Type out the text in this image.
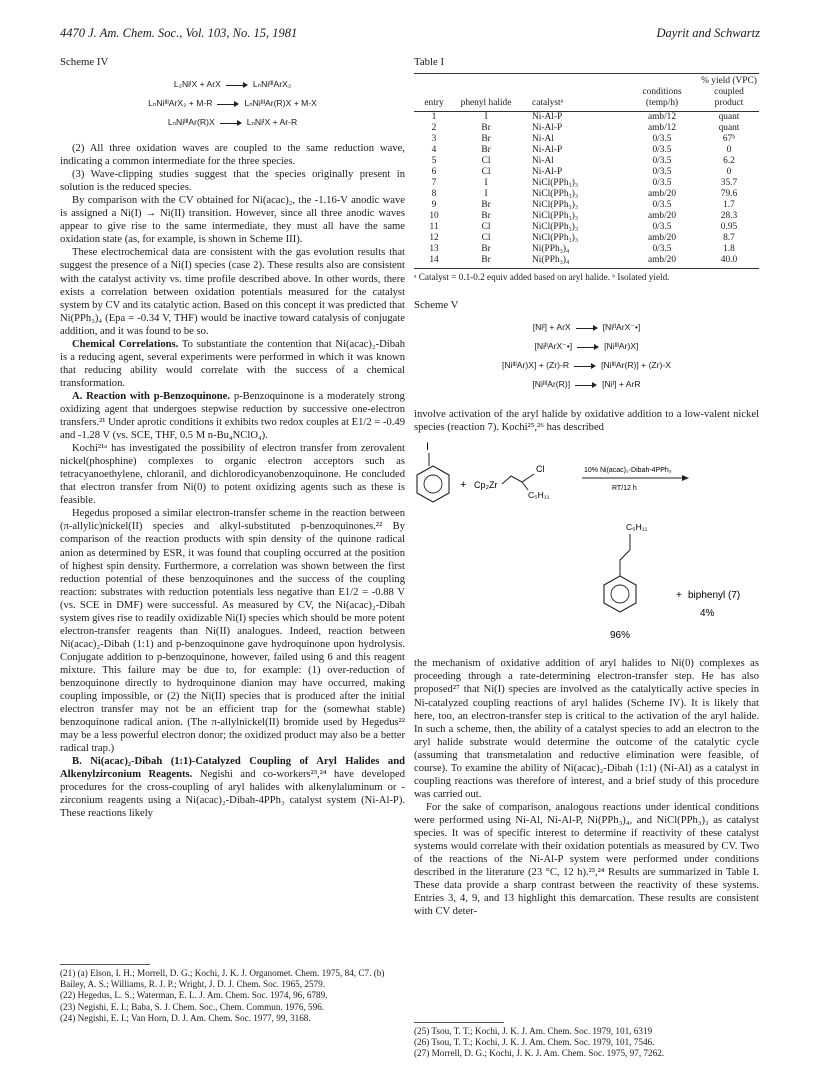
4470 J. Am. Chem. Soc., Vol. 103, No. 15, 1981	Dayrit and Schwartz
Scheme IV
L₂NiᴵX + ArX	LₙNiᴵᴵᴵArX₂
LₙNiᴵᴵᴵArX₂ + M-R	LₙNiᴵᴵᴵAr(R)X + M-X
LₙNiᴵᴵᴵAr(R)X	LₙNiᴵX + Ar-R

(2) All three oxidation waves are coupled to the same reduction wave, indicating a common intermediate for the three species.

(3) Wave-clipping studies suggest that the species originally present in solution is the reduced species.

By comparison with the CV obtained for Ni(acac)₂, the -1.16-V anodic wave is assigned a Ni(I) → Ni(II) transition. However, since all three anodic waves appear to give rise to the same intermediate, they must all have the same oxidation state (as, for example, is shown in Scheme III).

These electrochemical data are consistent with the gas evolution results that suggest the presence of a Ni(I) species (case 2). These results also are consistent with the catalyst activity vs. time profile described above. In other words, there exists a correlation between oxidation potentials measured for the catalyst system by CV and its catalytic action. Based on this concept it was predicted that Ni(PPh₃)₄ (Epa = -0.34 V, THF) would be inactive toward catalysis of conjugate addition, and it was found to be so.

Chemical Correlations. To substantiate the contention that Ni(acac)₂-Dibah is a reducing agent, several experiments were performed in which it was known that reducing ability would correlate with the success of a chemical transformation.

A. Reaction with p-Benzoquinone. p-Benzoquinone is a moderately strong oxidizing agent that undergoes stepwise reduction by successive one-electron transfers.²¹ Under aprotic conditions it exhibits two redox couples at E1/2 = -0.49 and -1.28 V (vs. SCE, THF, 0.5 M n-Bu₄NClO₄).

Kochi²¹ᵃ has investigated the possibility of electron transfer from zerovalent nickel(phosphine) complexes to organic electron acceptors such as tetracyanoethylene, chloranil, and dichlorodicyanobenzoquinone. He concluded that electron transfer from Ni(0) to potent oxidizing agents such as these is feasible.

Hegedus proposed a similar electron-transfer scheme in the reaction between (π-allylic)nickel(II) species and alkyl-substituted p-benzoquinones.²² By comparison of the reaction products with spin density of the quinone radical anion as determined by ESR, it was found that coupling occurred at the position of highest spin density. Furthermore, a correlation was shown between the first reduction potential of these benzoquinones and the success of the coupling reaction: substrates with reduction potentials less negative than E1/2 = -0.88 V (vs. SCE in DMF) were successful. As measured by CV, the Ni(acac)₂-Dibah system gives rise to readily oxidizable Ni(I) species which should be more potent electron-transfer reagents than Ni(II) analogues. Indeed, reaction between Ni(acac)₂-Dibah (1:1) and p-benzoquinone gave hydroquinone upon hydrolysis. Conjugate addition to p-benzoquinone, however, failed using 6 and this reagent mixture. This failure may be due to, for example: (1) over-reduction of benzoquinone directly to hydroquinone dianion may have occurred, making coupling impossible, or (2) the Ni(II) species that is produced after the initial electron transfer may not be an efficient trap for the (somewhat stable) benzoquinone radical anion. (The π-allylnickel(II) bromide used by Hegedus²² may be a less powerful electron donor; the oxidized product may also be a better radical trap.)

B. Ni(acac)₂-Dibah (1:1)-Catalyzed Coupling of Aryl Halides and Alkenylzirconium Reagents. Negishi and co-workers²³,²⁴ have developed procedures for the cross-coupling of aryl halides with alkenylaluminum or -zirconium reagents using a Ni(acac)₂-Dibah-4PPh₃ catalyst system (Ni-Al-P). These reactions likely

(21) (a) Elson, I. H.; Morrell, D. G.; Kochi, J. K. J. Organomet. Chem. 1975, 84, C7. (b) Bailey, A. S.; Williams, R. J. P.; Wright, J. D. J. Chem. Soc. 1965, 2579.
(22) Hegedus, L. S.; Waterman, E. L. J. Am. Chem. Soc. 1974, 96, 6789.
(23) Negishi, E. I.; Baba, S. J. Chem. Soc., Chem. Commun. 1976, 596.
(24) Negishi, E. I.; Van Horn, D. J. Am. Chem. Soc. 1977, 99, 3168.
Table I

entry	phenyl halide	catalystᵃ	conditions (temp/h)	% yield (VPC) coupled product
1	I	Ni-Al-P	amb/12	quant
2	Br	Ni-Al-P	amb/12	quant
3	Br	Ni-Al	0/3.5	67ᵇ
4	Br	Ni-Al-P	0/3.5	0
5	Cl	Ni-Al	0/3.5	6.2
6	Cl	Ni-Al-P	0/3.5	0
7	I	NiCl(PPh₃)₃	0/3.5	35.7
8	I	NiCl(PPh₃)₃	amb/20	79.6
9	Br	NiCl(PPh₃)₃	0/3.5	1.7
10	Br	NiCl(PPh₃)₃	amb/20	28.3
11	Cl	NiCl(PPh₃)₃	0/3.5	0.95
12	Cl	NiCl(PPh₃)₃	amb/20	8.7
13	Br	Ni(PPh₃)₄	0/3.5	1.8
14	Br	Ni(PPh₃)₄	amb/20	40.0
ᵃ Catalyst = 0.1-0.2 equiv added based on aryl halide. ᵇ Isolated yield.
Scheme V
[Niᴵ] + ArX	[NiᴵᴵArX⁻•]
[NiᴵᴵArX⁻•]	[NiᴵᴵᴵAr)X]
[NiᴵᴵᴵAr)X] + (Zr)-R	[NiᴵᴵᴵAr(R)] + (Zr)-X
[NiᴵᴵᴵAr(R)]	[Niᴵ] + ArR

involve activation of the aryl halide by oxidative addition to a low-valent nickel species (reaction 7). Kochi²⁵,²⁶ has described

I
+ Cp₂Zr
Cl
C₅H₁₁
10% Ni(acac)₂-Dibah-4PPh₃
RT/12 h
C₅H₁₁
+ biphenyl (7)
4%
96%

the mechanism of oxidative addition of aryl halides to Ni(0) complexes as proceeding through a rate-determining electron-transfer step. He has also proposed²⁷ that Ni(I) species are involved as the catalytically active species in Ni-catalyzed coupling reactions of aryl halides (Scheme IV). It is likely that here, too, an electron-transfer step is critical to the activation of the aryl halide. In such a scheme, then, the ability of a catalyst species to add an electron to the aryl halide substrate would determine the outcome of the catalytic cycle (assuming that transmetalation and reductive elimination were feasible, of course). To examine the ability of Ni(acac)₂-Dibah (1:1) (Ni-Al) as a catalyst in coupling reactions was therefore of interest, and a brief study of this procedure was carried out.

For the sake of comparison, analogous reactions under identical conditions were performed using Ni-Al, Ni-Al-P, Ni(PPh₃)₄, and NiCl(PPh₃)₃ as catalyst species. It was of specific interest to determine if reactivity of these catalyst systems would correlate with their oxidation potentials as measured by CV. Two of the reactions of the Ni-Al-P system were performed under conditions described in the literature (23 °C, 12 h).²³,²⁴ Results are summarized in Table I. These data provide a sharp contrast between the reactivity of these systems. Entries 3, 4, 9, and 13 highlight this demarcation. These results are consistent with CV deter-

(25) Tsou, T. T.; Kochi, J. K. J. Am. Chem. Soc. 1979, 101, 6319
(26) Tsou, T. T.; Kochi, J. K. J. Am. Chem. Soc. 1979, 101, 7546.
(27) Morrell, D. G.; Kochi, J. K. J. Am. Chem. Soc. 1975, 97, 7262.
